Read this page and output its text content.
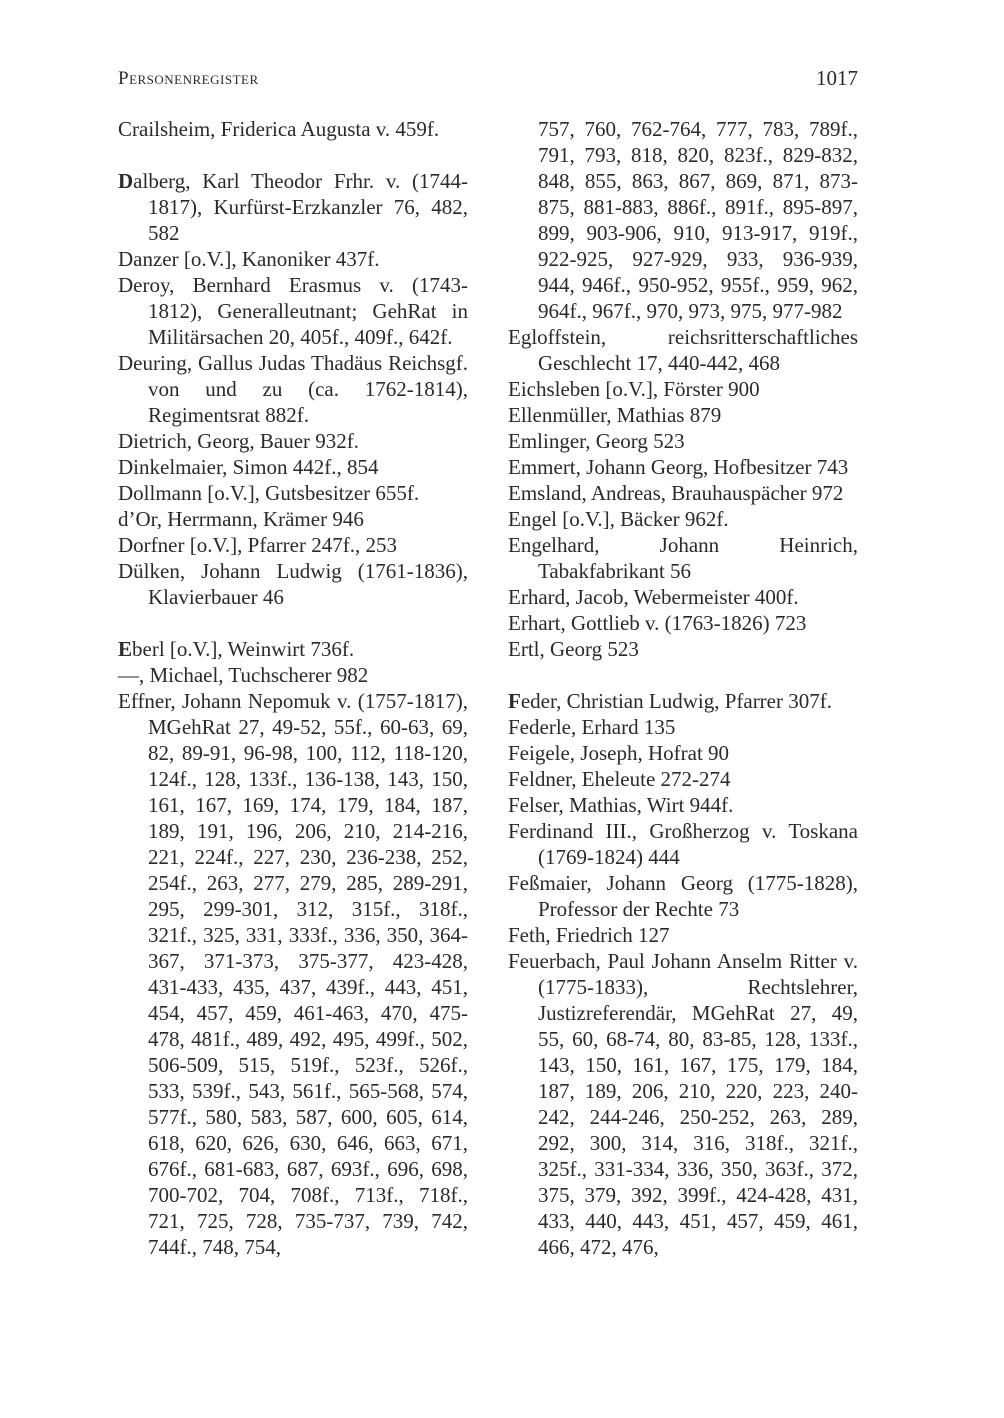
Personenregister	1017
Crailsheim, Friderica Augusta v. 459f.
Dalberg, Karl Theodor Frhr. v. (1744-1817), Kurfürst-Erzkanzler 76, 482, 582
Danzer [o.V.], Kanoniker 437f.
Deroy, Bernhard Erasmus v. (1743-1812), Generalleutnant; GehRat in Militärsachen 20, 405f., 409f., 642f.
Deuring, Gallus Judas Thadäus Reichsgf. von und zu (ca. 1762-1814), Regimentsrat 882f.
Dietrich, Georg, Bauer 932f.
Dinkelmaier, Simon 442f., 854
Dollmann [o.V.], Gutsbesitzer 655f.
d’Or, Herrmann, Krämer 946
Dorfner [o.V.], Pfarrer 247f., 253
Dülken, Johann Ludwig (1761-1836), Klavierbauer 46
Eberl [o.V.], Weinwirt 736f.
—, Michael, Tuchscherer 982
Effner, Johann Nepomuk v. (1757-1817), MGehRat 27, 49-52, 55f., 60-63, 69, 82, 89-91, 96-98, 100, 112, 118-120, 124f., 128, 133f., 136-138, 143, 150, 161, 167, 169, 174, 179, 184, 187, 189, 191, 196, 206, 210, 214-216, 221, 224f., 227, 230, 236-238, 252, 254f., 263, 277, 279, 285, 289-291, 295, 299-301, 312, 315f., 318f., 321f., 325, 331, 333f., 336, 350, 364-367, 371-373, 375-377, 423-428, 431-433, 435, 437, 439f., 443, 451, 454, 457, 459, 461-463, 470, 475-478, 481f., 489, 492, 495, 499f., 502, 506-509, 515, 519f., 523f., 526f., 533, 539f., 543, 561f., 565-568, 574, 577f., 580, 583, 587, 600, 605, 614, 618, 620, 626, 630, 646, 663, 671, 676f., 681-683, 687, 693f., 696, 698, 700-702, 704, 708f., 713f., 718f., 721, 725, 728, 735-737, 739, 742, 744f., 748, 754,
757, 760, 762-764, 777, 783, 789f., 791, 793, 818, 820, 823f., 829-832, 848, 855, 863, 867, 869, 871, 873-875, 881-883, 886f., 891f., 895-897, 899, 903-906, 910, 913-917, 919f., 922-925, 927-929, 933, 936-939, 944, 946f., 950-952, 955f., 959, 962, 964f., 967f., 970, 973, 975, 977-982
Egloffstein, reichsritterschaftliches Geschlecht 17, 440-442, 468
Eichsleben [o.V.], Förster 900
Ellenmüller, Mathias 879
Emlinger, Georg 523
Emmert, Johann Georg, Hofbesitzer 743
Emsland, Andreas, Brauhauspächer 972
Engel [o.V.], Bäcker 962f.
Engelhard, Johann Heinrich, Tabakfabrikant 56
Erhard, Jacob, Webermeister 400f.
Erhart, Gottlieb v. (1763-1826) 723
Ertl, Georg 523
Feder, Christian Ludwig, Pfarrer 307f.
Federle, Erhard 135
Feigele, Joseph, Hofrat 90
Feldner, Eheleute 272-274
Felser, Mathias, Wirt 944f.
Ferdinand III., Großherzog v. Toskana (1769-1824) 444
Feßmaier, Johann Georg (1775-1828), Professor der Rechte 73
Feth, Friedrich 127
Feuerbach, Paul Johann Anselm Ritter v. (1775-1833), Rechtslehrer, Justizreferendär, MGehRat 27, 49, 55, 60, 68-74, 80, 83-85, 128, 133f., 143, 150, 161, 167, 175, 179, 184, 187, 189, 206, 210, 220, 223, 240-242, 244-246, 250-252, 263, 289, 292, 300, 314, 316, 318f., 321f., 325f., 331-334, 336, 350, 363f., 372, 375, 379, 392, 399f., 424-428, 431, 433, 440, 443, 451, 457, 459, 461, 466, 472, 476,
